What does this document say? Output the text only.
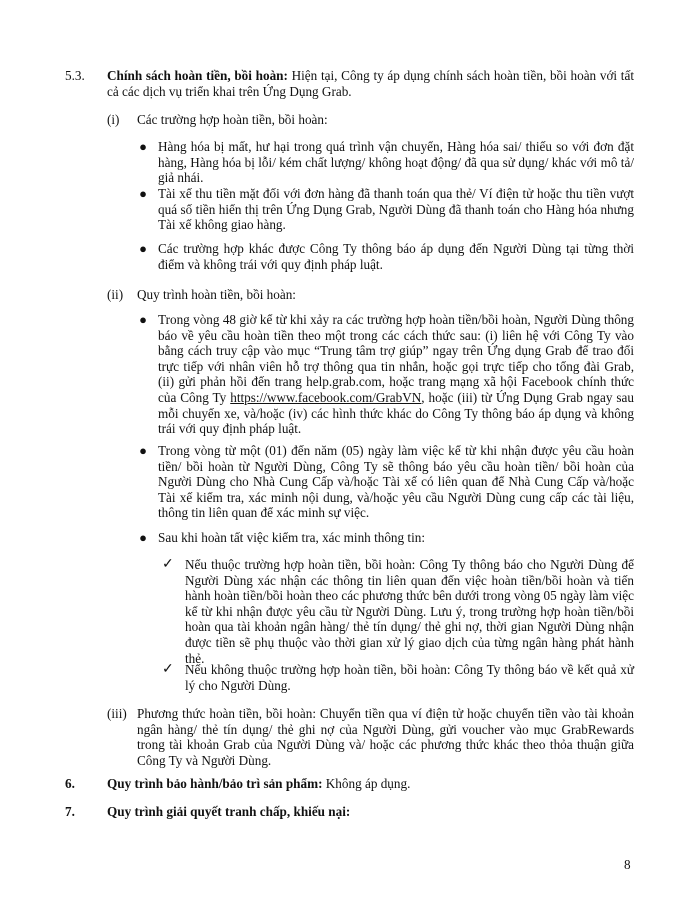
5.3. Chính sách hoàn tiền, bồi hoàn: Hiện tại, Công ty áp dụng chính sách hoàn tiền, bồi hoàn với tất cả các dịch vụ triển khai trên Ứng Dụng Grab.
(i) Các trường hợp hoàn tiền, bồi hoàn:
● Hàng hóa bị mất, hư hại trong quá trình vận chuyển, Hàng hóa sai/ thiếu so với đơn đặt hàng, Hàng hóa bị lỗi/ kém chất lượng/ không hoạt động/ đã qua sử dụng/ khác với mô tả/ giả nhái.
● Tài xế thu tiền mặt đối với đơn hàng đã thanh toán qua thẻ/ Ví điện tử hoặc thu tiền vượt quá số tiền hiển thị trên Ứng Dụng Grab, Người Dùng đã thanh toán cho Hàng hóa nhưng Tài xế không giao hàng.
● Các trường hợp khác được Công Ty thông báo áp dụng đến Người Dùng tại từng thời điểm và không trái với quy định pháp luật.
(ii) Quy trình hoàn tiền, bồi hoàn:
● Trong vòng 48 giờ kể từ khi xảy ra các trường hợp hoàn tiền/bồi hoàn, Người Dùng thông báo về yêu cầu hoàn tiền theo một trong các cách thức sau: (i) liên hệ với Công Ty vào bằng cách truy cập vào mục “Trung tâm trợ giúp” ngay trên Ứng dụng Grab để trao đổi trực tiếp với nhân viên hỗ trợ thông qua tin nhắn, hoặc gọi trực tiếp cho tổng đài Grab, (ii) gửi phản hồi đến trang help.grab.com, hoặc trang mạng xã hội Facebook chính thức của Công Ty https://www.facebook.com/GrabVN, hoặc (iii) từ Ứng Dụng Grab ngay sau mỗi chuyến xe, và/hoặc (iv) các hình thức khác do Công Ty thông báo áp dụng và không trái với quy định pháp luật.
● Trong vòng từ một (01) đến năm (05) ngày làm việc kể từ khi nhận được yêu cầu hoàn tiền/ bồi hoàn từ Người Dùng, Công Ty sẽ thông báo yêu cầu hoàn tiền/ bồi hoàn của Người Dùng cho Nhà Cung Cấp và/hoặc Tài xế có liên quan để Nhà Cung Cấp và/hoặc Tài xế kiểm tra, xác minh nội dung, và/hoặc yêu cầu Người Dùng cung cấp các tài liệu, thông tin liên quan để xác minh sự việc.
● Sau khi hoàn tất việc kiểm tra, xác minh thông tin:
✓ Nếu thuộc trường hợp hoàn tiền, bồi hoàn: Công Ty thông báo cho Người Dùng để Người Dùng xác nhận các thông tin liên quan đến việc hoàn tiền/bồi hoàn và tiến hành hoàn tiền/bồi hoàn theo các phương thức bên dưới trong vòng 05 ngày làm việc kể từ khi nhận được yêu cầu từ Người Dùng. Lưu ý, trong trường hợp hoàn tiền/bồi hoàn qua tài khoản ngân hàng/ thẻ tín dụng/ thẻ ghi nợ, thời gian Người Dùng nhận được tiền sẽ phụ thuộc vào thời gian xử lý giao dịch của từng ngân hàng phát hành thẻ.
✓ Nếu không thuộc trường hợp hoàn tiền, bồi hoàn: Công Ty thông báo về kết quả xử lý cho Người Dùng.
(iii) Phương thức hoàn tiền, bồi hoàn: Chuyển tiền qua ví điện tử hoặc chuyển tiền vào tài khoản ngân hàng/ thẻ tín dụng/ thẻ ghi nợ của Người Dùng, gửi voucher vào mục GrabRewards trong tài khoản Grab của Người Dùng và/ hoặc các phương thức khác theo thỏa thuận giữa Công Ty và Người Dùng.
6. Quy trình bảo hành/bảo trì sản phẩm: Không áp dụng.
7. Quy trình giải quyết tranh chấp, khiếu nại:
8
